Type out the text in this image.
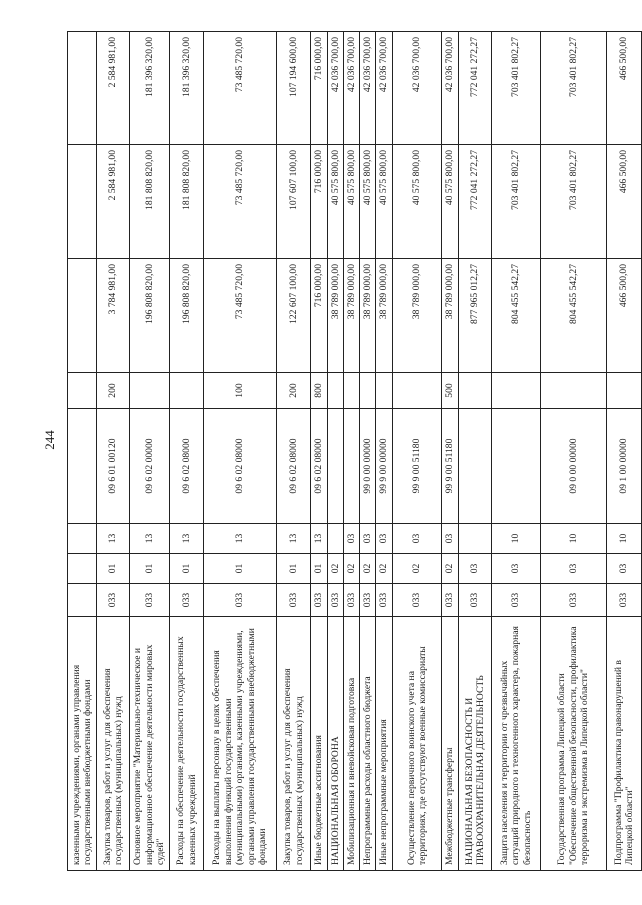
244
казенными учреждениями, органами управления государственными внебюджетными фондами								
Закупка товаров, работ и услуг для обеспечения государственных (муниципальных) нужд	033	01	13	09 6 01 00120	200	3 784 981,00	2 584 981,00	2 584 981,00
Основное мероприятие "Материально-техническое и информационное обеспечение деятельности мировых судей"	033	01	13	09 6 02 00000		196 808 820,00	181 808 820,00	181 396 320,00
Расходы на обеспечение деятельности государственных казенных учреждений	033	01	13	09 6 02 08000		196 808 820,00	181 808 820,00	181 396 320,00
Расходы на выплаты персоналу в целях обеспечения выполнения функций государственными (муниципальными) органами, казенными учреждениями, органами управления государственными внебюджетными фондами	033	01	13	09 6 02 08000	100	73 485 720,00	73 485 720,00	73 485 720,00
Закупка товаров, работ и услуг для обеспечения государственных (муниципальных) нужд	033	01	13	09 6 02 08000	200	122 607 100,00	107 607 100,00	107 194 600,00
Иные бюджетные ассигнования	033	01	13	09 6 02 08000	800	716 000,00	716 000,00	716 000,00
НАЦИОНАЛЬНАЯ ОБОРОНА	033	02				38 789 000,00	40 575 800,00	42 036 700,00
Мобилизационная и вневойсковая подготовка	033	02	03			38 789 000,00	40 575 800,00	42 036 700,00
Непрограммные расходы областного бюджета	033	02	03	99 0 00 00000		38 789 000,00	40 575 800,00	42 036 700,00
Иные непрограммные мероприятия	033	02	03	99 9 00 00000		38 789 000,00	40 575 800,00	42 036 700,00
Осуществление первичного воинского учета на территориях, где отсутствуют военные комиссариаты	033	02	03	99 9 00 51180		38 789 000,00	40 575 800,00	42 036 700,00
Межбюджетные трансферты	033	02	03	99 9 00 51180	500	38 789 000,00	40 575 800,00	42 036 700,00
НАЦИОНАЛЬНАЯ БЕЗОПАСНОСТЬ И ПРАВООХРАНИТЕЛЬНАЯ ДЕЯТЕЛЬНОСТЬ	033	03				877 965 012,27	772 041 272,27	772 041 272,27
Защита населения и территории от чрезвычайных ситуаций природного и техногенного характера, пожарная безопасность	033	03	10			804 455 542,27	703 401 802,27	703 401 802,27
Государственная программа Липецкой области "Обеспечение общественной безопасности, профилактика терроризма и экстремизма в Липецкой области"	033	03	10	09 0 00 00000		804 455 542,27	703 401 802,27	703 401 802,27
Подпрограмма "Профилактика правонарушений в Липецкой области"	033	03	10	09 1 00 00000		466 500,00	466 500,00	466 500,00
